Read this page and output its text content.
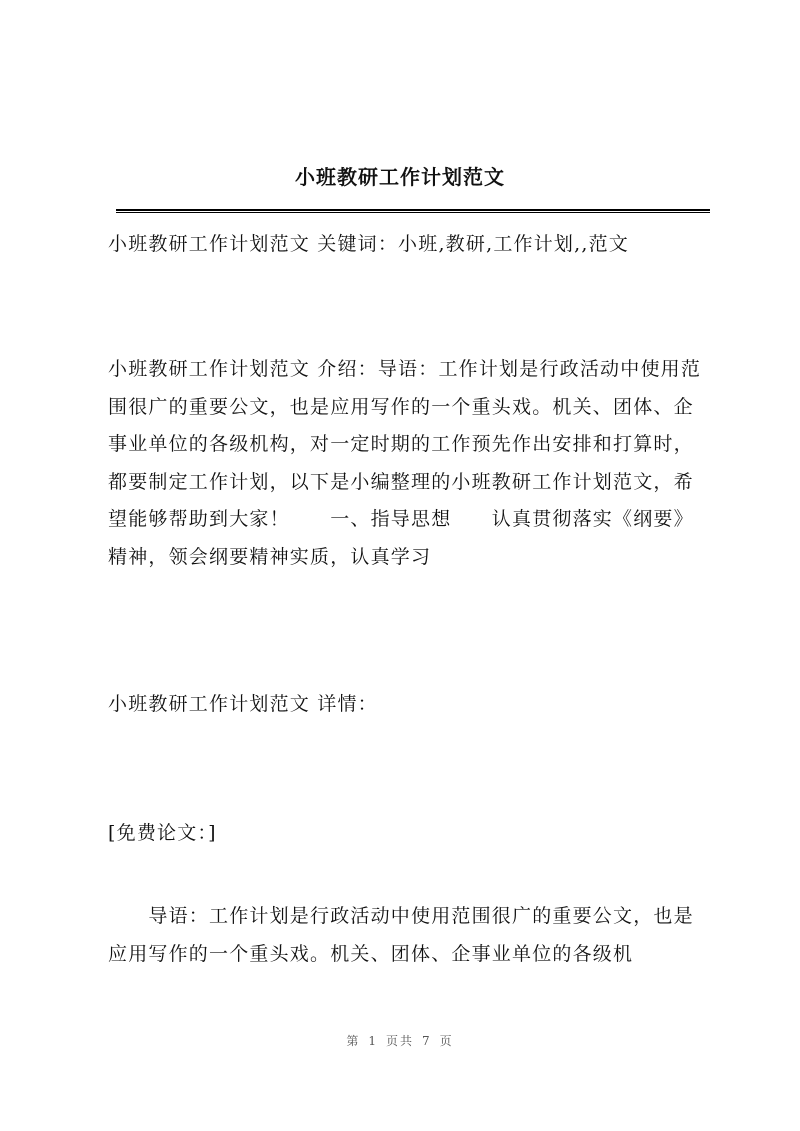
小班教研工作计划范文

小班教研工作计划范文 关键词：小班,教研,工作计划,,范文

小班教研工作计划范文 介绍：导语：工作计划是行政活动中使用范围很广的重要公文，也是应用写作的一个重头戏。机关、团体、企事业单位的各级机构，对一定时期的工作预先作出安排和打算时，都要制定工作计划，以下是小编整理的小班教研工作计划范文，希望能够帮助到大家！　　一、指导思想　　认真贯彻落实《纲要》精神，领会纲要精神实质，认真学习

小班教研工作计划范文 详情：

[免费论文：]

　　导语：工作计划是行政活动中使用范围很广的重要公文，也是应用写作的一个重头戏。机关、团体、企事业单位的各级机

第 1 页共 7 页
